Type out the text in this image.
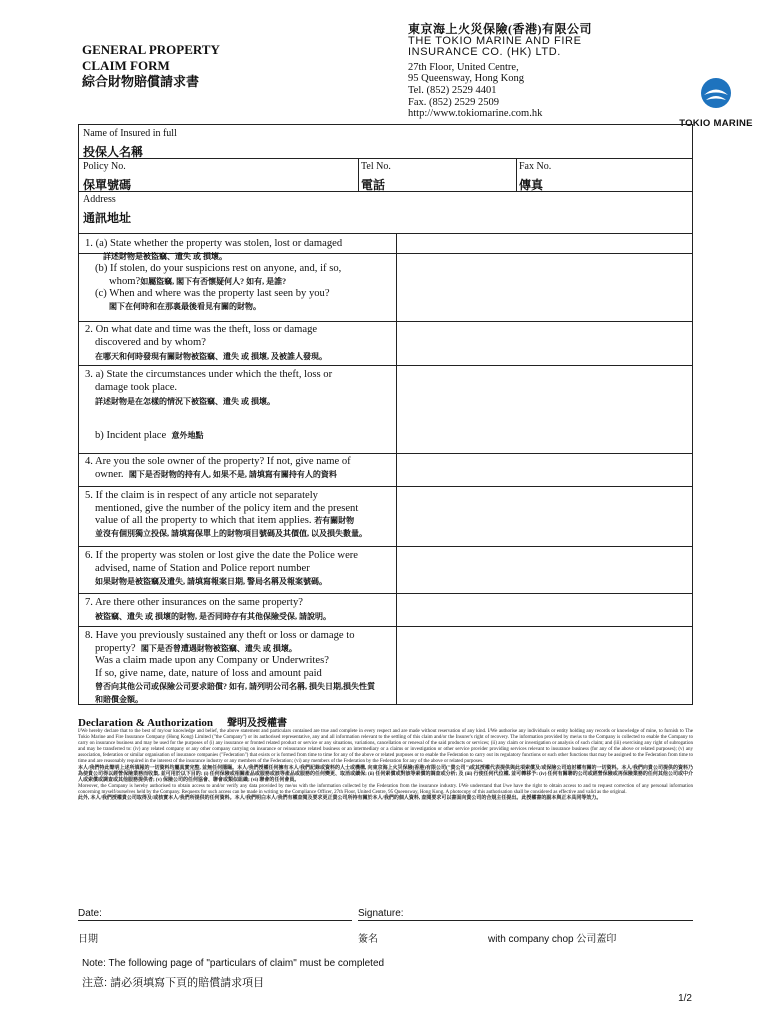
GENERAL PROPERTY
CLAIM FORM
綜合財物賠償請求書
東京海上火災保險(香港)有限公司
THE TOKIO MARINE AND FIRE
INSURANCE CO. (HK) LTD.
27th Floor, United Centre,
95 Queensway, Hong Kong
Tel. (852) 2529 4401
Fax. (852) 2529 2509
http://www.tokiomarine.com.hk
TOKIO MARINE
Name of Insured in full
投保人名稱
Policy No.
保單號碼
Tel No.
電話
Fax No.
傳真
Address
通訊地址
1. (a) State whether the property was stolen, lost or damaged
詳述財物是被盜竊、遺失 或 損壞。
(b) If stolen, do your suspicions rest on anyone, and, if so,
whom?如屬盜竊, 閣下有否懷疑何人? 如有, 是誰?
(c) When and where was the property last seen by you?
閣下在何時和在那裏最後看見有關的財物。
2. On what date and time was the theft, loss or damage
discovered and by whom?
在哪天和何時發現有關財物被盜竊、遺失 或 損壞, 及被誰人發現。
3. a) State the circumstances under which the theft, loss or
damage took place.
詳述財物是在怎樣的情況下被盜竊、遺失 或 損壞。
b) Incident place 意外地點
4. Are you the sole owner of the property? If not, give name of
owner. 閣下是否財物的持有人, 如果不是, 請填寫有關持有人的資料
5. If the claim is in respect of any article not separately
mentioned, give the number of the policy item and the present
value of all the property to which that item applies. 若有關財物
並沒有個別獨立投保, 請填寫保單上的財物項目號碼及其價值, 以及損失數量。
6. If the property was stolen or lost give the date the Police were
advised, name of Station and Police report number
如果財物是被盜竊及遺失, 請填寫報案日期, 警局名稱及報案號碼。
7. Are there other insurances on the same property?
被盜竊、遺失 或 損壞的財物, 是否同時存有其他保險受保, 請說明。
8. Have you previously sustained any theft or loss or damage to
property? 閣下是否曾遭遇財物被盜竊、遺失 或 損壞。
Was a claim made upon any Company or Underwrites?
If so, give name, date, nature of loss and amount paid
曾否向其他公司或保險公司要求賠償? 如有, 請列明公司名稱, 損失日期,損失性質
和賠償金額。
Declaration & Authorization 聲明及授權書

I/We hereby declare that to the best of my/our knowledge and belief, the above statement and particulars contained are true and complete in every respect and are made without reservation of any kind. I/We authorise any individuals or entity holding any records or knowledge of mine, to furnish to The Tokio Marine and Fire Insurance Company (Hong Kong) Limited ("the Company") or its authorised representative, any and all information relevant to the settling of this claim and/or the Insurer's right of recovery. The information provided by me/us to the Company is collected to enable the Company to carry on insurance business and may be used for the purposes of (i) any insurance or fronted related product or service or any situations, variations, cancellation or renewal of the said products or services; (ii) any claim or investigation or analysis of such claim; and (iii) exercising any right of subrogation and may be transferred to: (iv) any related company or any other company carrying on insurance or reinsurance related business or an intermediary or a claims or investigation or other service provider providing services relevant to insurance business (for any of the above or related purposes); (v) any association, federation or similar organisation of insurance companies ("Federation") that exists or is formed from time to time for any of the above or related purposes or to enable the Federation to carry out its regulatory functions or such other functions that may be assigned to the Federation from time to time and are reasonably required in the interest of the insurance industry or any members of the Federation; (vi) any members of the Federation by the Federation for any of the above or related purposes.

本人/我們特此聲明上述所填報的一切資料均屬真實完整, 並無任何隱瞞。本人/我們授權任何擁有本人/我們記錄或資料的人士或機構, 向東京海上火災保險(香港)有限公司("貴公司")或其授權代表提供與此項索償及/或保險公司追討權有關的一切資料。本人/我們向貴公司提供的資料乃為使貴公司得以經營保險業務而收集, 並可用於以下目的: (i) 任何保險或相關產品或服務或該等產品或服務的任何變更、取消或續保; (ii) 任何索償或對該等索償的調查或分析; 及 (iii) 行使任何代位權, 並可轉移予: (iv) 任何有關聯的公司或經營保險或再保險業務的任何其他公司或中介人或索償或調查或其他服務提供者; (v) 保險公司的任何協會、聯會或類似組織; (vi) 聯會的任何會員。

Moreover, the Company is hereby authorised to obtain access to and/or verify any data provided by me/us with the information collected by the Federation from the insurance industry. I/We understand that I/we have the right to obtain access to and to request correction of any personal information concerning myself/ourselves held by the Company. Requests for such access can be made in writing to the Compliance Officer, 27th Floor, United Centre, 95 Queensway, Hong Kong. A photocopy of this authorisation shall be considered as effective and valid as the original.

此外, 本人/我們授權貴公司取得及/或核實本人/我們所提供的任何資料。本人/我們明白本人/我們有權查閱及要求更正貴公司所持有關於本人/我們的個人資料, 查閱要求可以書面向貴公司的合規主任提出。此授權書的副本與正本具同等效力。

Date:
日期
Signature:
簽名	with company chop 公司蓋印
Note: The following page of "particulars of claim" must be completed
注意: 請必須填寫下頁的賠償請求項目
1/2
